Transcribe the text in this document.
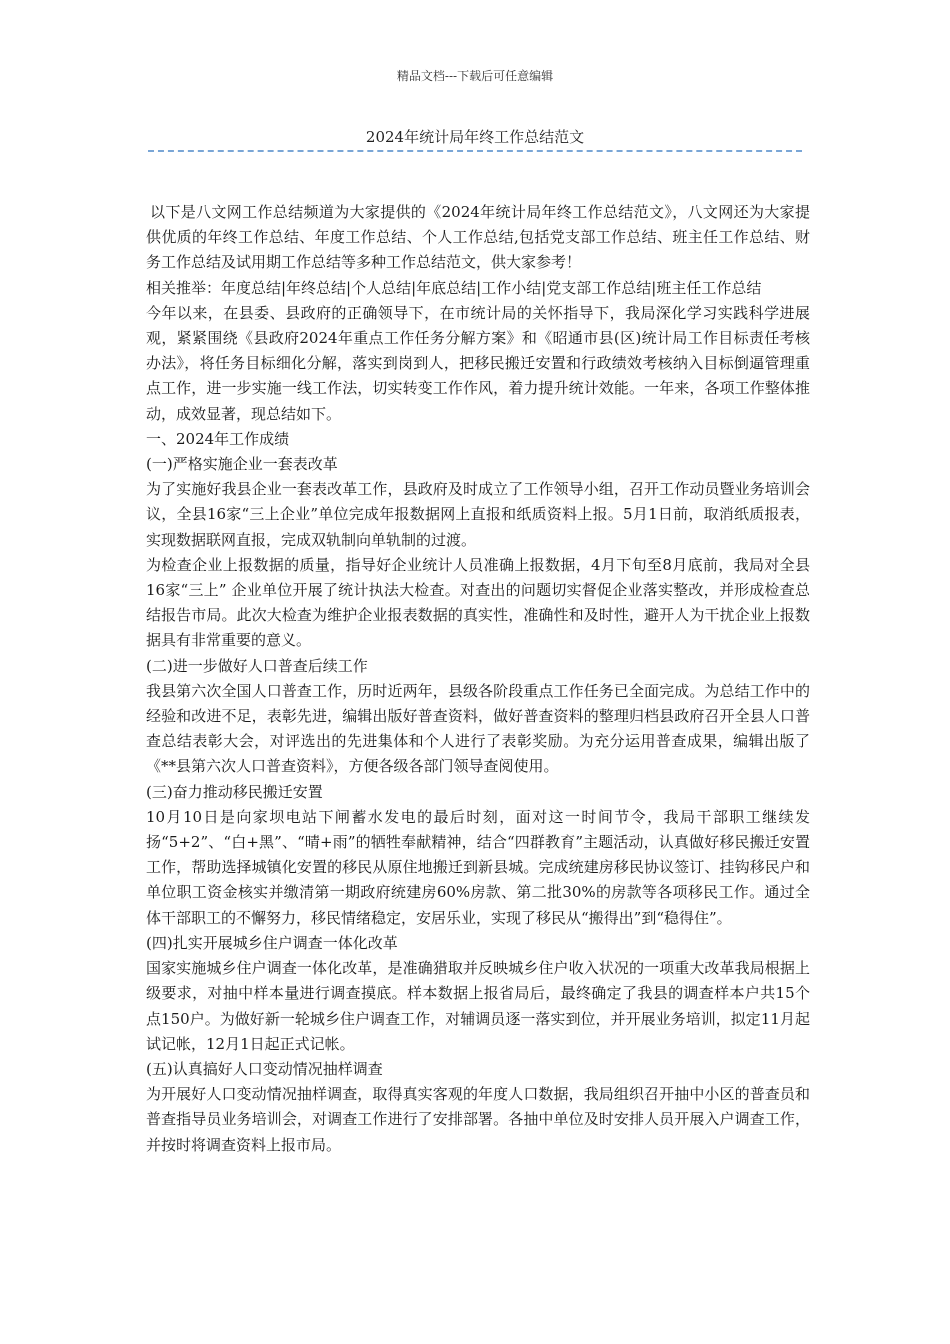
精品文档---下载后可任意编辑
2024年统计局年终工作总结范文

以下是八文网工作总结频道为大家提供的《2024年统计局年终工作总结范文》，八文网还为大家提供优质的年终工作总结、年度工作总结、个人工作总结,包括党支部工作总结、班主任工作总结、财务工作总结及试用期工作总结等多种工作总结范文，供大家参考！

相关推举：年度总结|年终总结|个人总结|年底总结|工作小结|党支部工作总结|班主任工作总结

今年以来，在县委、县政府的正确领导下，在市统计局的关怀指导下，我局深化学习实践科学进展观，紧紧围绕《县政府2024年重点工作任务分解方案》和《昭通市县(区)统计局工作目标责任考核办法》，将任务目标细化分解，落实到岗到人，把移民搬迁安置和行政绩效考核纳入目标倒逼管理重点工作，进一步实施一线工作法，切实转变工作作风，着力提升统计效能。一年来，各项工作整体推动，成效显著，现总结如下。

一、2024年工作成绩

(一)严格实施企业一套表改革

为了实施好我县企业一套表改革工作，县政府及时成立了工作领导小组，召开工作动员暨业务培训会议，全县16家“三上企业”单位完成年报数据网上直报和纸质资料上报。5月1日前，取消纸质报表，实现数据联网直报，完成双轨制向单轨制的过渡。

为检查企业上报数据的质量，指导好企业统计人员准确上报数据，4月下旬至8月底前，我局对全县16家“三上” 企业单位开展了统计执法大检查。对查出的问题切实督促企业落实整改，并形成检查总结报告市局。此次大检查为维护企业报表数据的真实性，准确性和及时性，避开人为干扰企业上报数据具有非常重要的意义。

(二)进一步做好人口普查后续工作

我县第六次全国人口普查工作，历时近两年，县级各阶段重点工作任务已全面完成。为总结工作中的经验和改进不足，表彰先进，编辑出版好普查资料，做好普查资料的整理归档县政府召开全县人口普查总结表彰大会，对评选出的先进集体和个人进行了表彰奖励。为充分运用普查成果，编辑出版了《**县第六次人口普查资料》，方便各级各部门领导查阅使用。

(三)奋力推动移民搬迁安置

10月10日是向家坝电站下闸蓄水发电的最后时刻，面对这一时间节令，我局干部职工继续发扬“5+2”、“白+黑”、“晴+雨”的牺牲奉献精神，结合“四群教育”主题活动，认真做好移民搬迁安置工作，帮助选择城镇化安置的移民从原住地搬迁到新县城。完成统建房移民协议签订、挂钩移民户和单位职工资金核实并缴清第一期政府统建房60%房款、第二批30%的房款等各项移民工作。通过全体干部职工的不懈努力，移民情绪稳定，安居乐业，实现了移民从“搬得出”到“稳得住”。

(四)扎实开展城乡住户调查一体化改革

国家实施城乡住户调查一体化改革，是准确猎取并反映城乡住户收入状况的一项重大改革我局根据上级要求，对抽中样本量进行调查摸底。样本数据上报省局后，最终确定了我县的调查样本户共15个点150户。为做好新一轮城乡住户调查工作，对辅调员逐一落实到位，并开展业务培训，拟定11月起试记帐，12月1日起正式记帐。

(五)认真搞好人口变动情况抽样调查

为开展好人口变动情况抽样调查，取得真实客观的年度人口数据，我局组织召开抽中小区的普查员和普查指导员业务培训会，对调查工作进行了安排部署。各抽中单位及时安排人员开展入户调查工作，并按时将调查资料上报市局。
